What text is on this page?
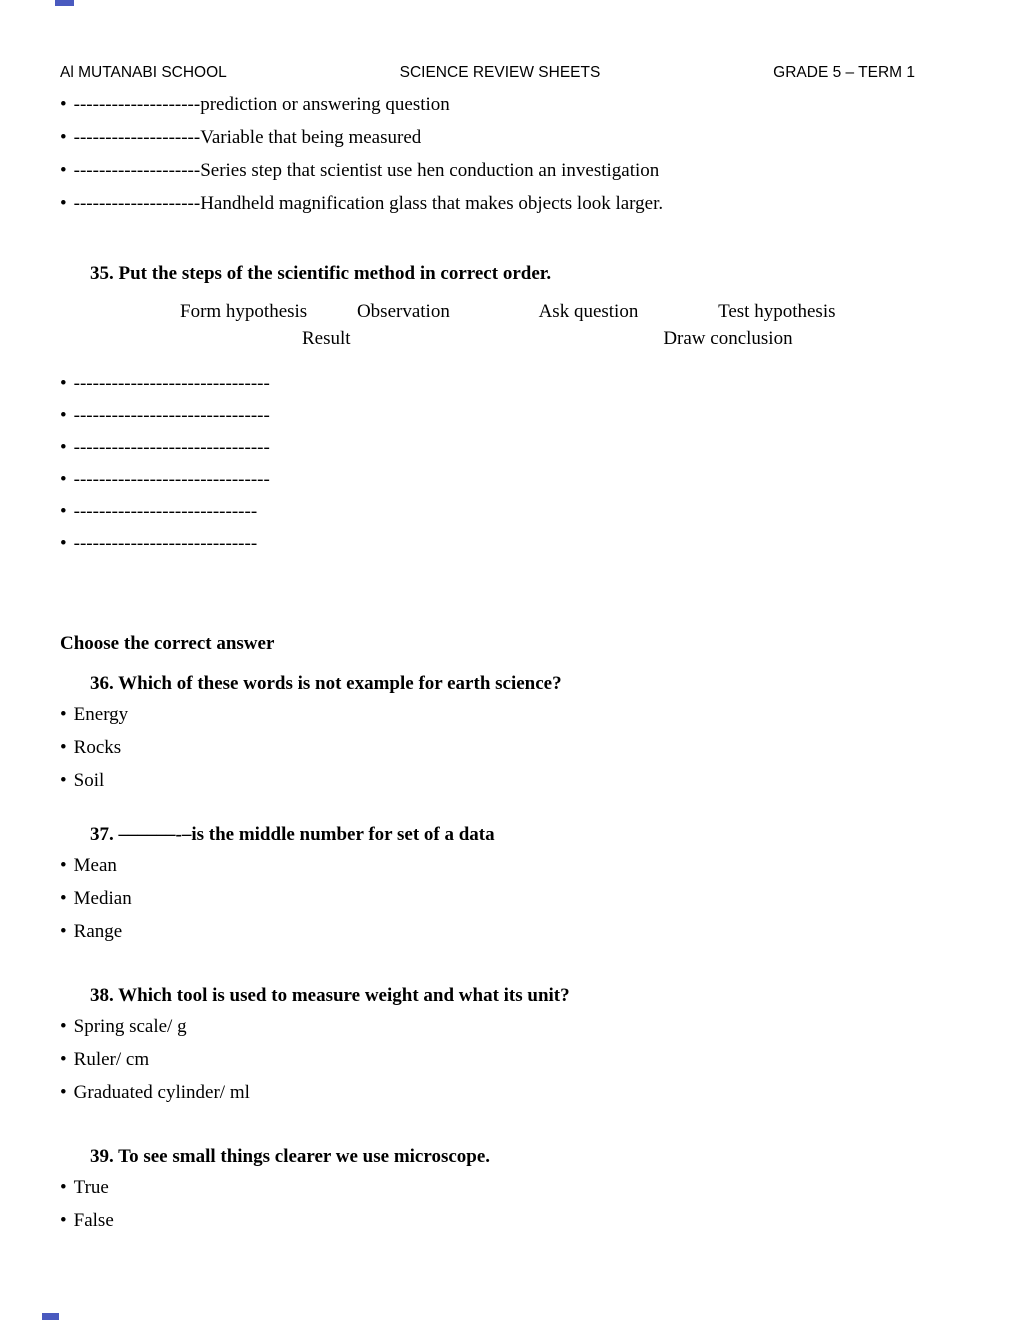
Al MUTANABI SCHOOL	SCIENCE REVIEW SHEETS	GRADE 5 – TERM 1
• --------------------prediction or answering question
• --------------------Variable that being measured
• --------------------Series step that scientist use hen conduction an investigation
• --------------------Handheld magnification glass that makes objects look larger.
35. Put the steps of the scientific method in correct order.
Form hypothesis	Observation	Ask question	Test hypothesis
Result	Draw conclusion
• -------------------------------
• -------------------------------
• -------------------------------
• -------------------------------
• -----------------------------
• -----------------------------
Choose the correct answer
36. Which of these words is not example for earth science?
• Energy
• Rocks
• Soil
37. ––––––-–is the middle number for set of a data
• Mean
• Median
• Range
38. Which tool is used to measure weight and what its unit?
• Spring scale/ g
• Ruler/ cm
• Graduated cylinder/ ml
39. To see small things clearer we use microscope.
• True
• False
